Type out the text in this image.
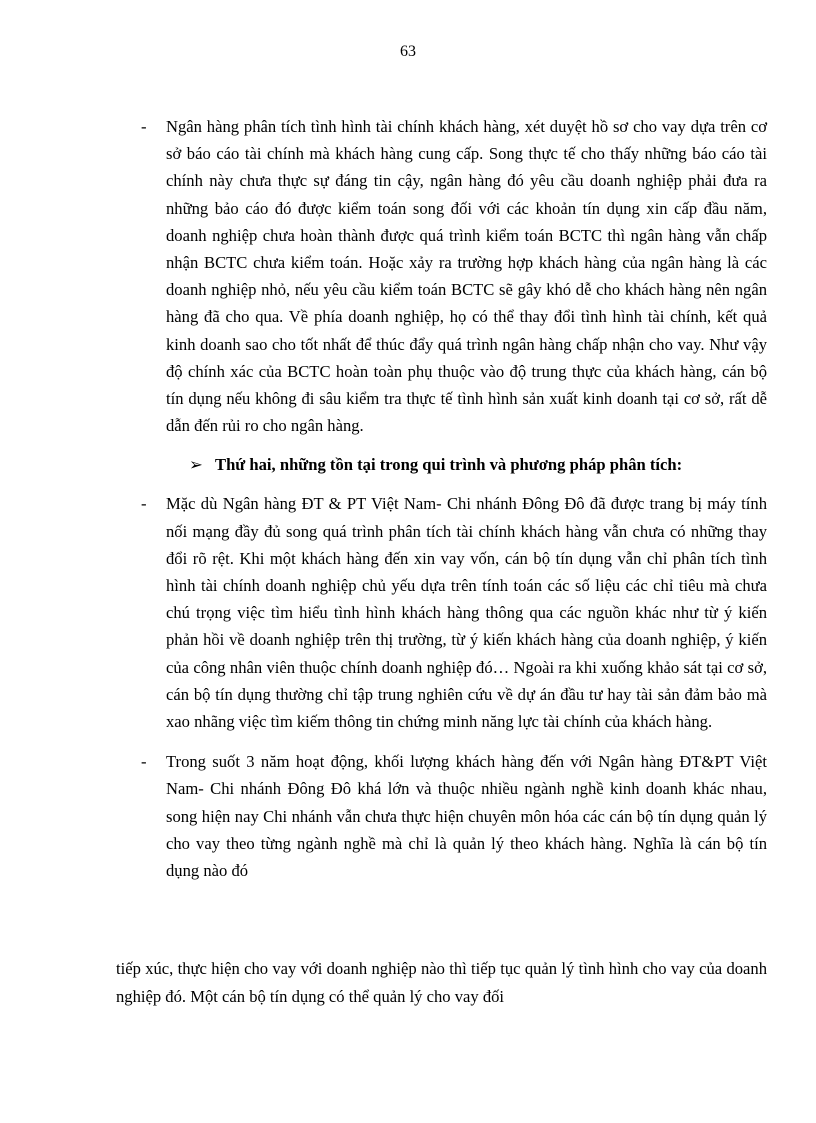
63

- Ngân hàng phân tích tình hình tài chính khách hàng, xét duyệt hồ sơ cho vay dựa trên cơ sở báo cáo tài chính mà khách hàng cung cấp. Song thực tế cho thấy những báo cáo tài chính này chưa thực sự đáng tin cậy, ngân hàng đó yêu cầu doanh nghiệp phải đưa ra những bảo cáo đó được kiểm toán song đối với các khoản tín dụng xin cấp đầu năm, doanh nghiệp chưa hoàn thành được quá trình kiểm toán BCTC thì ngân hàng vẫn chấp nhận BCTC chưa kiểm toán. Hoặc xảy ra trường hợp khách hàng của ngân hàng là các doanh nghiệp nhỏ, nếu yêu cầu kiểm toán BCTC sẽ gây khó dễ cho khách hàng nên ngân hàng đã cho qua. Về phía doanh nghiệp, họ có thể thay đổi tình hình tài chính, kết quả kinh doanh sao cho tốt nhất để thúc đẩy quá trình ngân hàng chấp nhận cho vay. Như vậy độ chính xác của BCTC hoàn toàn phụ thuộc vào độ trung thực của khách hàng, cán bộ tín dụng nếu không đi sâu kiểm tra thực tế tình hình sản xuất kinh doanh tại cơ sở, rất dễ dẫn đến rủi ro cho ngân hàng.

➢ Thứ hai, những tồn tại trong qui trình và phương pháp phân tích:

- Mặc dù Ngân hàng ĐT & PT Việt Nam- Chi nhánh Đông Đô đã được trang bị máy tính nối mạng đầy đủ song quá trình phân tích tài chính khách hàng vẫn chưa có những thay đổi rõ rệt. Khi một khách hàng đến xin vay vốn, cán bộ tín dụng vẫn chỉ phân tích tình hình tài chính doanh nghiệp chủ yếu dựa trên tính toán các số liệu các chỉ tiêu mà chưa chú trọng việc tìm hiểu tình hình khách hàng thông qua các nguồn khác như từ ý kiến phản hồi về doanh nghiệp trên thị trường, từ ý kiến khách hàng của doanh nghiệp, ý kiến của công nhân viên thuộc chính doanh nghiệp đó… Ngoài ra khi xuống khảo sát tại cơ sở, cán bộ tín dụng thường chỉ tập trung nghiên cứu về dự án đầu tư hay tài sản đảm bảo mà xao nhãng việc tìm kiếm thông tin chứng minh năng lực tài chính của khách hàng.

- Trong suốt 3 năm hoạt động, khối lượng khách hàng đến với Ngân hàng ĐT&PT Việt Nam- Chi nhánh Đông Đô khá lớn và thuộc nhiều ngành nghề kinh doanh khác nhau, song hiện nay Chi nhánh vẫn chưa thực hiện chuyên môn hóa các cán bộ tín dụng quản lý cho vay theo từng ngành nghề mà chỉ là quản lý theo khách hàng. Nghĩa là cán bộ tín dụng nào đó

tiếp xúc, thực hiện cho vay với doanh nghiệp nào thì tiếp tục quản lý tình hình cho vay của doanh nghiệp đó. Một cán bộ tín dụng có thể quản lý cho vay đối
